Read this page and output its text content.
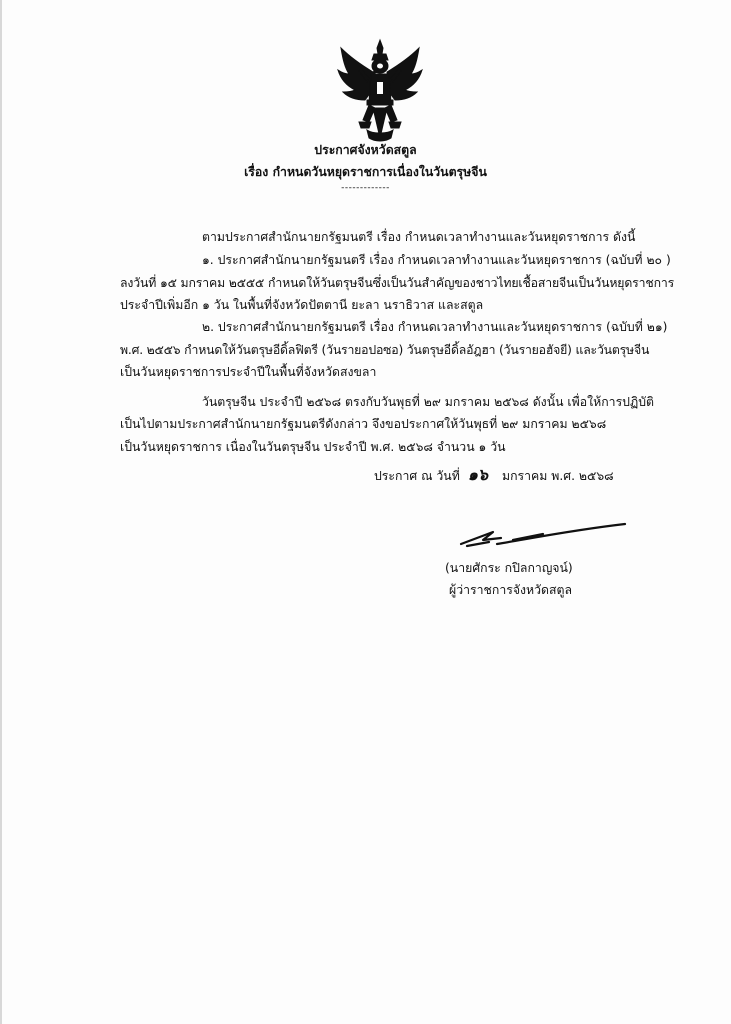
ประกาศจังหวัดสตูล
เรื่อง กำหนดวันหยุดราชการเนื่องในวันตรุษจีน
-------------
ตามประกาศสำนักนายกรัฐมนตรี เรื่อง กำหนดเวลาทำงานและวันหยุดราชการ ดังนี้
๑. ประกาศสำนักนายกรัฐมนตรี เรื่อง กำหนดเวลาทำงานและวันหยุดราชการ (ฉบับที่ ๒๐ )
ลงวันที่ ๑๕ มกราคม ๒๕๕๕ กำหนดให้วันตรุษจีนซึ่งเป็นวันสำคัญของชาวไทยเชื้อสายจีนเป็นวันหยุดราชการ
ประจำปีเพิ่มอีก ๑ วัน ในพื้นที่จังหวัดปัตตานี ยะลา นราธิวาส และสตูล
๒. ประกาศสำนักนายกรัฐมนตรี เรื่อง กำหนดเวลาทำงานและวันหยุดราชการ (ฉบับที่ ๒๑)
พ.ศ. ๒๕๕๖ กำหนดให้วันตรุษอีดิ้ลฟิตรี (วันรายอปอซอ) วันตรุษอีดิ้ลอัฎฮา (วันรายอฮัจยี) และวันตรุษจีน
เป็นวันหยุดราชการประจำปีในพื้นที่จังหวัดสงขลา
วันตรุษจีน ประจำปี ๒๕๖๘ ตรงกับวันพุธที่ ๒๙ มกราคม ๒๕๖๘ ดังนั้น เพื่อให้การปฏิบัติ
เป็นไปตามประกาศสำนักนายกรัฐมนตรีดังกล่าว จึงขอประกาศให้วันพุธที่ ๒๙ มกราคม ๒๕๖๘
เป็นวันหยุดราชการ เนื่องในวันตรุษจีน ประจำปี พ.ศ. ๒๕๖๘ จำนวน ๑ วัน
ประกาศ ณ วันที่ ๑๖ มกราคม พ.ศ. ๒๕๖๘
(นายศักระ กปิลกาญจน์)
ผู้ว่าราชการจังหวัดสตูล
